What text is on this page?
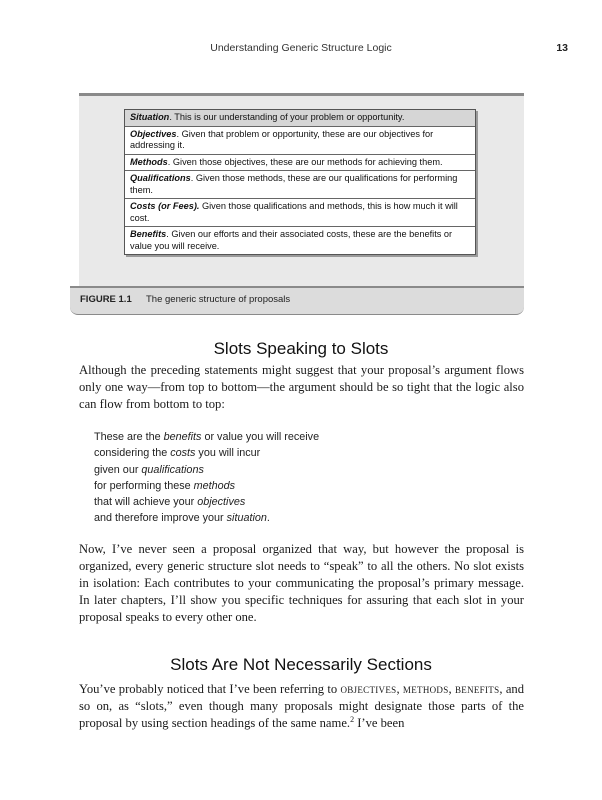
Understanding Generic Structure Logic	13
Situation. This is our understanding of your problem or opportunity.
Objectives. Given that problem or opportunity, these are our objectives for addressing it.
Methods. Given those objectives, these are our methods for achieving them.
Qualifications. Given those methods, these are our qualifications for performing them.
Costs (or Fees). Given those qualifications and methods, this is how much it will cost.
Benefits. Given our efforts and their associated costs, these are the benefits or value you will receive.
FIGURE 1.1 The generic structure of proposals
Slots Speaking to Slots

Although the preceding statements might suggest that your proposal’s argument flows only one way—from top to bottom—the argument should be so tight that the logic also can flow from bottom to top:

These are the benefits or value you will receive
considering the costs you will incur
given our qualifications
for performing these methods
that will achieve your objectives
and therefore improve your situation.

Now, I’ve never seen a proposal organized that way, but however the proposal is organized, every generic structure slot needs to “speak” to all the others. No slot exists in isolation: Each contributes to your communicating the proposal’s primary message. In later chapters, I’ll show you specific techniques for assuring that each slot in your proposal speaks to every other one.

Slots Are Not Necessarily Sections

You’ve probably noticed that I’ve been referring to objectives, methods, benefits, and so on, as “slots,” even though many proposals might designate those parts of the proposal by using section headings of the same name.$^2$ I’ve been
